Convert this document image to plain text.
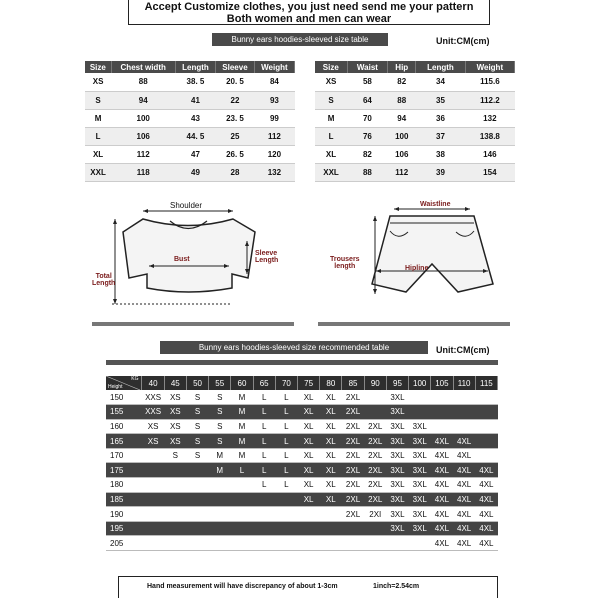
Accept Customize clothes, you just need send me your pattern
Both women and men can wear
Bunny ears hoodies-sleeved size table	Unit:CM(cm)
Size	Chest width	Length	Sleeve	Weight
XS	88	38. 5	20. 5	84
S	94	41	22	93
M	100	43	23. 5	99
L	106	44. 5	25	112
XL	112	47	26. 5	120
XXL	118	49	28	132
Size	Waist	Hip	Length	Weight
XS	58	82	34	115.6
S	64	88	35	112.2
M	70	94	36	132
L	76	100	37	138.8
XL	82	106	38	146
XXL	88	112	39	154
Shoulder
Bust
Sleeve
Length
Total
Length
Waistline
Hipline
Trousers
length
Bunny ears hoodies-sleeved size recommended table	Unit:CM(cm)
KG
Height	40	45	50	55	60	65	70	75	80	85	90	95	100	105	110	115
150	XXS	XS	S	S	M	L	L	XL	XL	2XL		3XL				
155	XXS	XS	S	S	M	L	L	XL	XL	2XL		3XL				
160	XS	XS	S	S	M	L	L	XL	XL	2XL	2XL	3XL	3XL			
165	XS	XS	S	S	M	L	L	XL	XL	2XL	2XL	3XL	3XL	4XL	4XL	
170		S	S	M	M	L	L	XL	XL	2XL	2XL	3XL	3XL	4XL	4XL	
175				M	L	L	L	XL	XL	2XL	2XL	3XL	3XL	4XL	4XL	4XL
180						L	L	XL	XL	2XL	2XL	3XL	3XL	4XL	4XL	4XL
185								XL	XL	2XL	2XL	3XL	3XL	4XL	4XL	4XL
190										2XL	2XI	3XL	3XL	4XL	4XL	4XL
195												3XL	3XL	4XL	4XL	4XL
205														4XL	4XL	4XL
Hand measurement will have discrepancy of about 1-3cm	1inch=2.54cm
